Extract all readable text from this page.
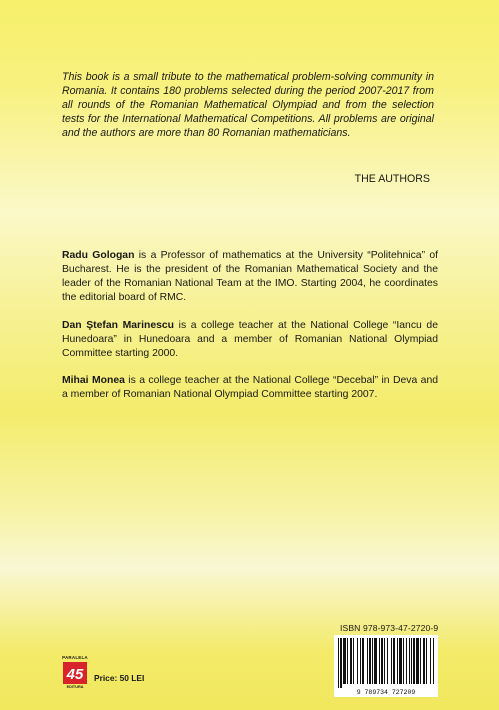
This book is a small tribute to the mathematical problem-solving community in Romania. It contains 180 problems selected during the period 2007-2017 from all rounds of the Romanian Mathematical Olympiad and from the selection tests for the International Mathematical Competitions. All problems are original and the authors are more than 80 Romanian mathematicians.

THE AUTHORS

Radu Gologan is a Professor of mathematics at the University “Politehnica” of Bucharest. He is the president of the Romanian Mathematical Society and the leader of the Romanian National Team at the IMO. Starting 2004, he coordinates the editorial board of RMC.

Dan Ştefan Marinescu is a college teacher at the National College “Iancu de Hunedoara” in Hunedoara and a member of Romanian National Olympiad Committee starting 2000.

Mihai Monea is a college teacher at the National College “Decebal” in Deva and a member of Romanian National Olympiad Committee starting 2007.

ISBN 978-973-47-2720-9
9 789734 727209
PARALELA
45
EDITURA
Price: 50 LEI
